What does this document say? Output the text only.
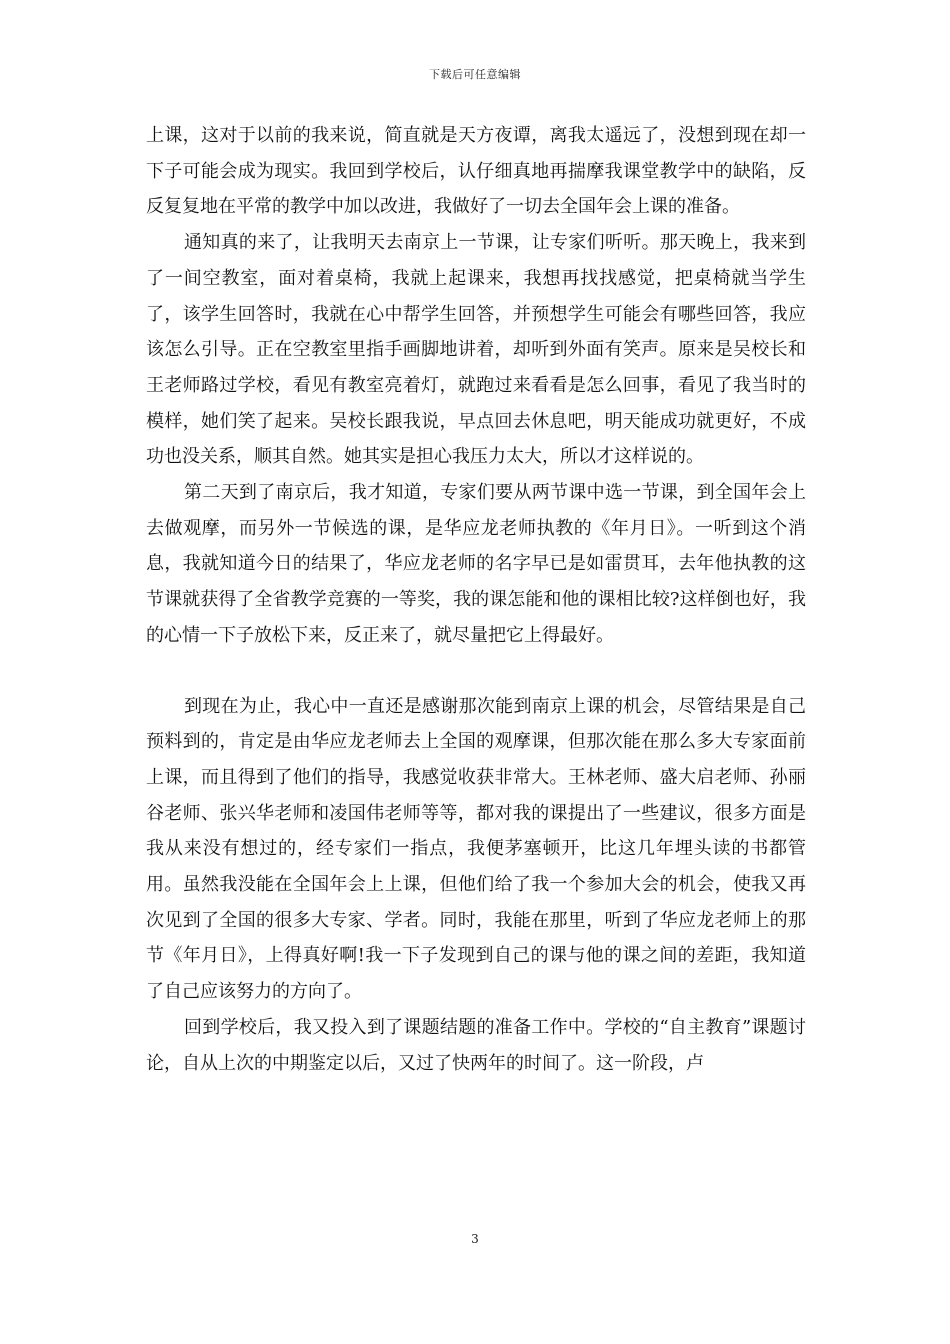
下载后可任意编辑

上课，这对于以前的我来说，简直就是天方夜谭，离我太遥远了，没想到现在却一下子可能会成为现实。我回到学校后，认仔细真地再揣摩我课堂教学中的缺陷，反反复复地在平常的教学中加以改进，我做好了一切去全国年会上课的准备。

通知真的来了，让我明天去南京上一节课，让专家们听听。那天晚上，我来到了一间空教室，面对着桌椅，我就上起课来，我想再找找感觉，把桌椅就当学生了，该学生回答时，我就在心中帮学生回答，并预想学生可能会有哪些回答，我应该怎么引导。正在空教室里指手画脚地讲着，却听到外面有笑声。原来是吴校长和王老师路过学校，看见有教室亮着灯，就跑过来看看是怎么回事，看见了我当时的模样，她们笑了起来。吴校长跟我说，早点回去休息吧，明天能成功就更好，不成功也没关系，顺其自然。她其实是担心我压力太大，所以才这样说的。

第二天到了南京后，我才知道，专家们要从两节课中选一节课，到全国年会上去做观摩，而另外一节候选的课，是华应龙老师执教的《年月日》。一听到这个消息，我就知道今日的结果了，华应龙老师的名字早已是如雷贯耳，去年他执教的这节课就获得了全省教学竞赛的一等奖，我的课怎能和他的课相比较?这样倒也好，我的心情一下子放松下来，反正来了，就尽量把它上得最好。

到现在为止，我心中一直还是感谢那次能到南京上课的机会，尽管结果是自己预料到的，肯定是由华应龙老师去上全国的观摩课，但那次能在那么多大专家面前上课，而且得到了他们的指导，我感觉收获非常大。王林老师、盛大启老师、孙丽谷老师、张兴华老师和凌国伟老师等等，都对我的课提出了一些建议，很多方面是我从来没有想过的，经专家们一指点，我便茅塞顿开，比这几年埋头读的书都管用。虽然我没能在全国年会上上课，但他们给了我一个参加大会的机会，使我又再次见到了全国的很多大专家、学者。同时，我能在那里，听到了华应龙老师上的那节《年月日》，上得真好啊!我一下子发现到自己的课与他的课之间的差距，我知道了自己应该努力的方向了。

回到学校后，我又投入到了课题结题的准备工作中。学校的“自主教育”课题讨论，自从上次的中期鉴定以后，又过了快两年的时间了。这一阶段，卢

3
